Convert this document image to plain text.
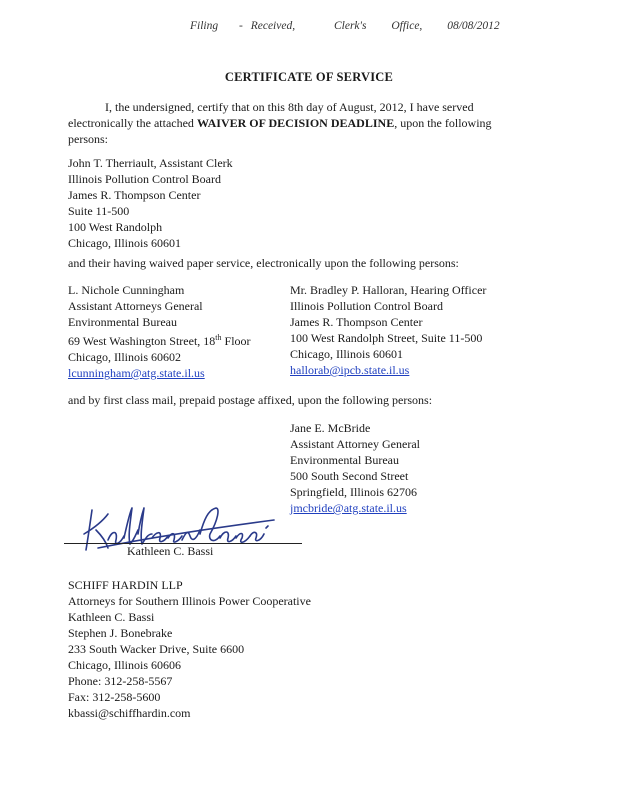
Filing - Received,	Clerk's Office, 08/08/2012
CERTIFICATE OF SERVICE
I, the undersigned, certify that on this 8th day of August, 2012, I have served
electronically the attached WAIVER OF DECISION DEADLINE, upon the following
persons:
John T. Therriault, Assistant Clerk
Illinois Pollution Control Board
James R. Thompson Center
Suite 11-500
100 West Randolph
Chicago, Illinois 60601
and their having waived paper service, electronically upon the following persons:
L. Nichole Cunningham
Assistant Attorneys General
Environmental Bureau
69 West Washington Street, 18th Floor
Chicago, Illinois 60602
lcunningham@atg.state.il.us
Mr. Bradley P. Halloran, Hearing Officer
Illinois Pollution Control Board
James R. Thompson Center
100 West Randolph Street, Suite 11-500
Chicago, Illinois 60601
hallorab@ipcb.state.il.us
and by first class mail, prepaid postage affixed, upon the following persons:
Jane E. McBride
Assistant Attorney General
Environmental Bureau
500 South Second Street
Springfield, Illinois 62706
jmcbride@atg.state.il.us
Kathleen C. Bassi
SCHIFF HARDIN LLP
Attorneys for Southern Illinois Power Cooperative
Kathleen C. Bassi
Stephen J. Bonebrake
233 South Wacker Drive, Suite 6600
Chicago, Illinois 60606
Phone: 312-258-5567
Fax: 312-258-5600
kbassi@schiffhardin.com
